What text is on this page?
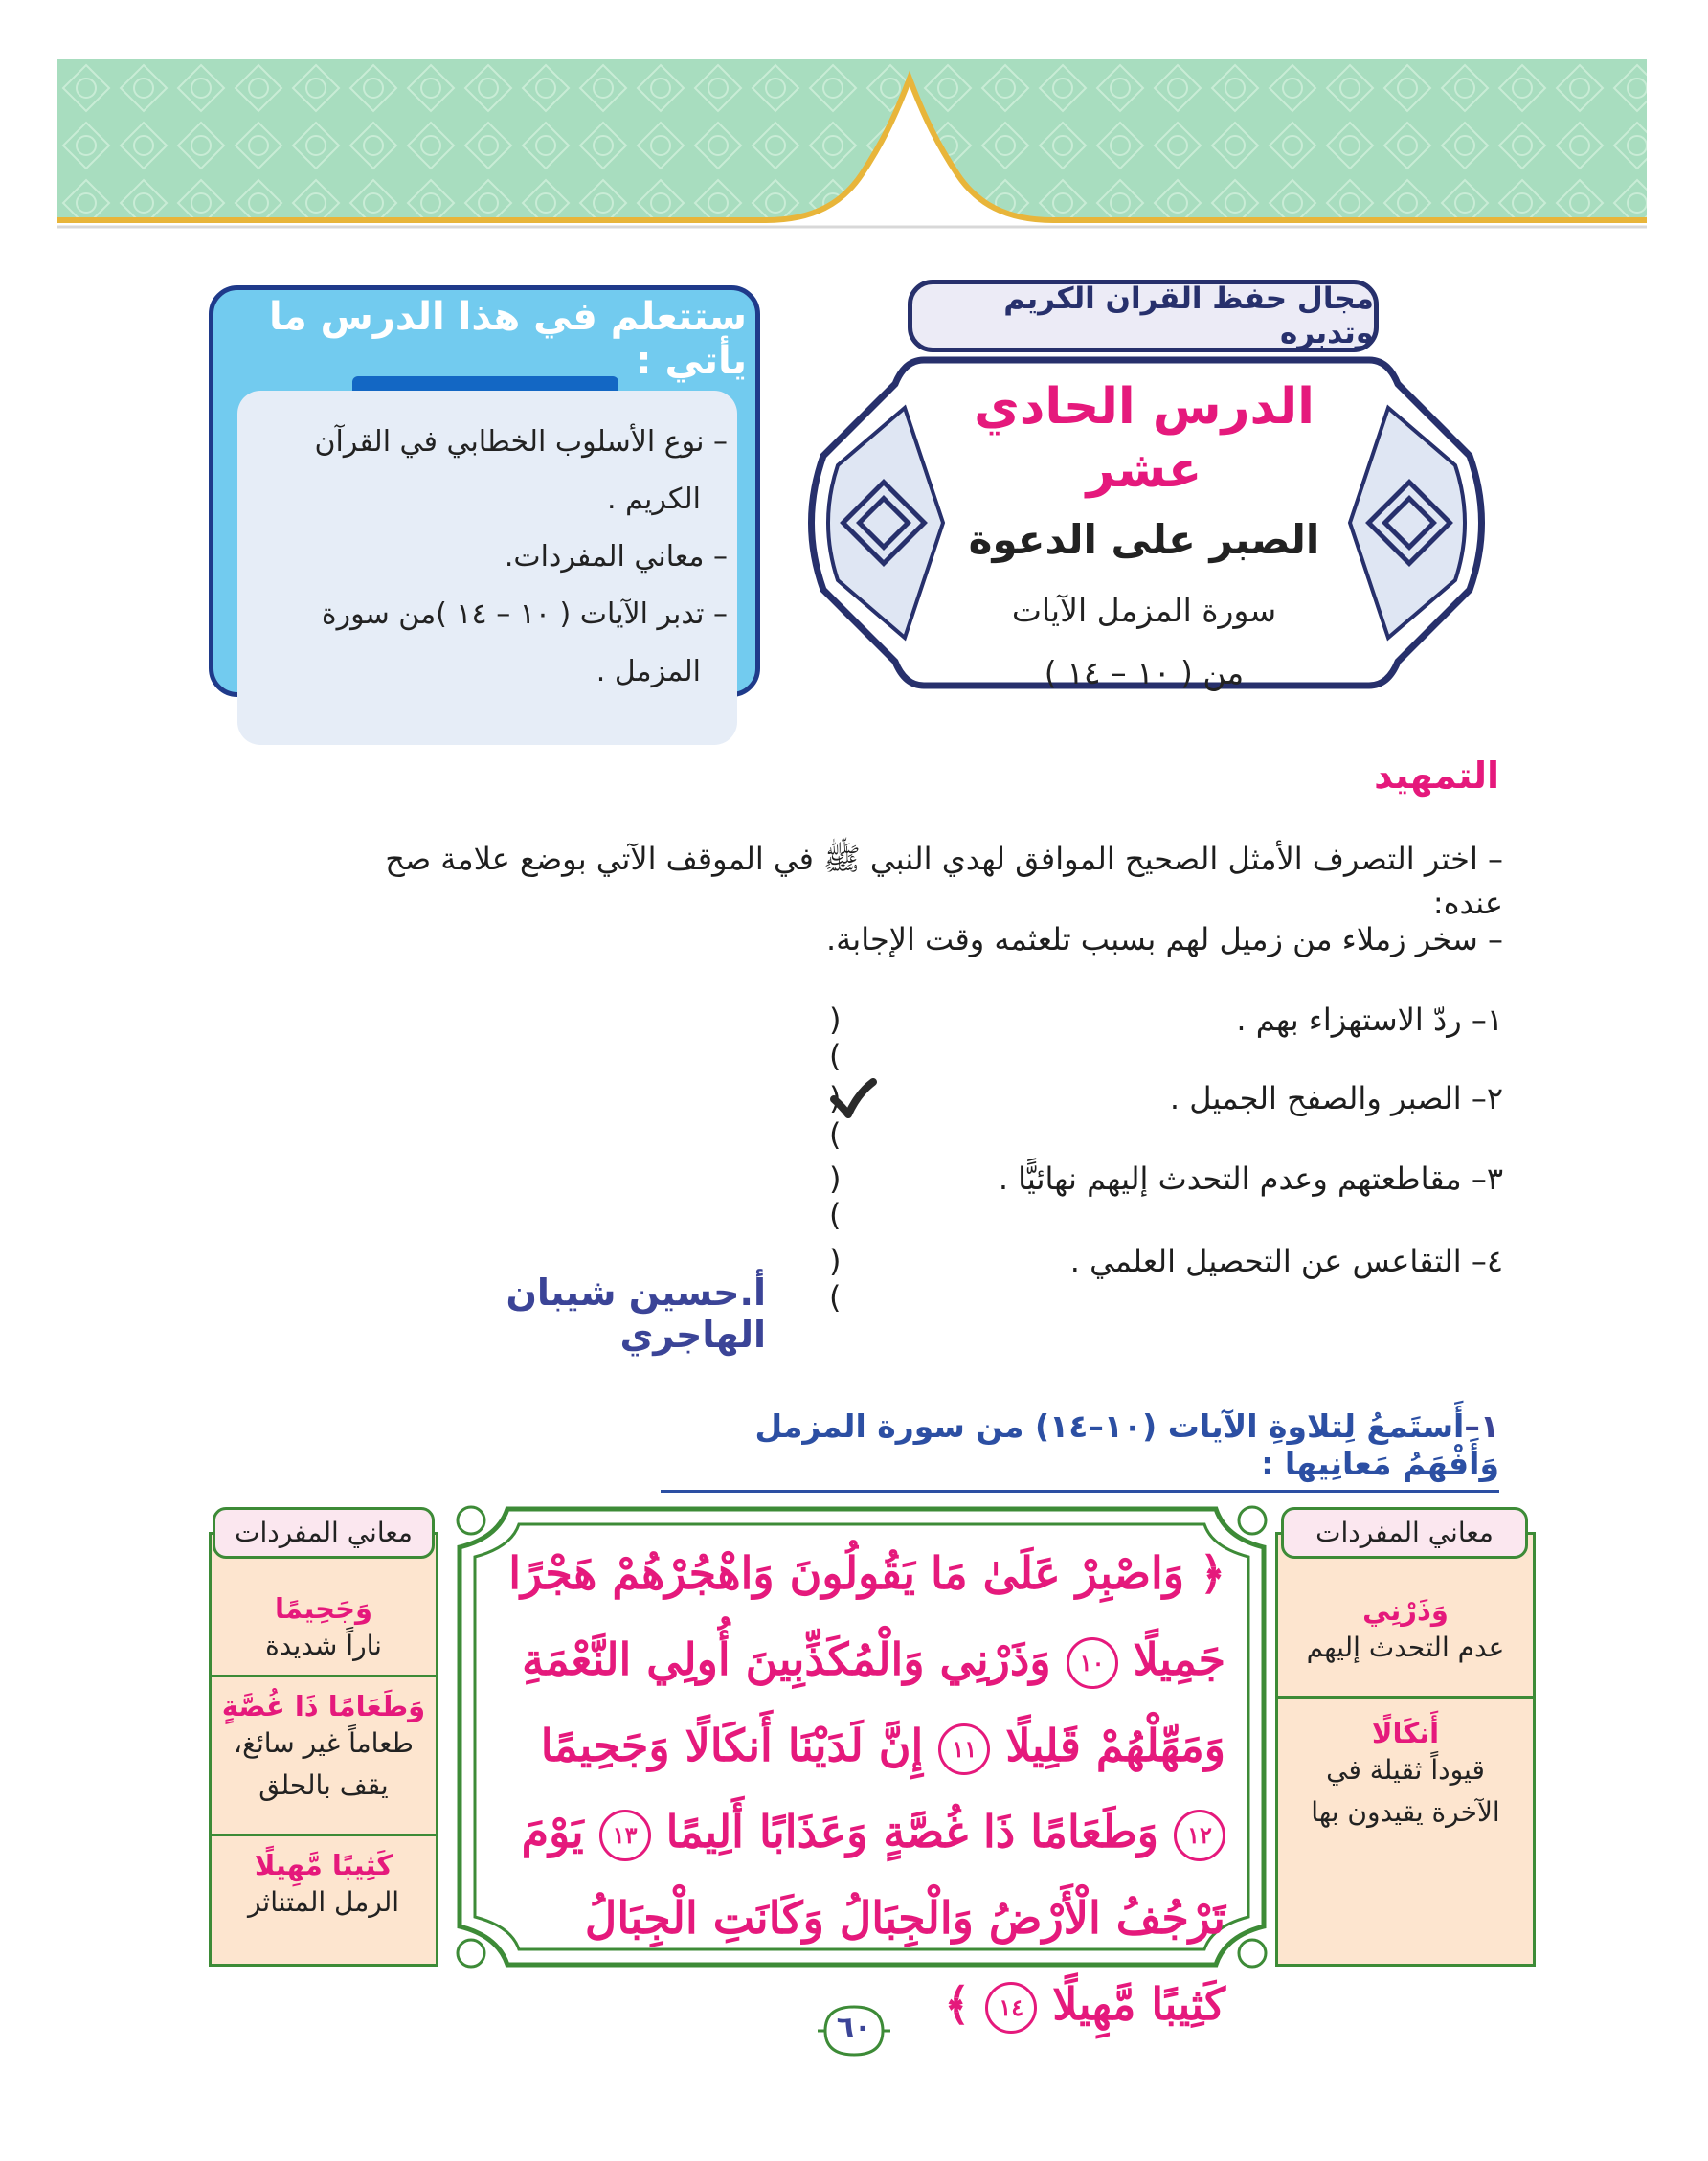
مجال حفظ القرآن الكريم وتدبره
الدرس الحادي عشر
الصبر على الدعوة
سورة المزمل الآيات
من ( ١٠ – ١٤ )
ستتعلم في هذا الدرس ما يأتي :
– نوع الأسلوب الخطابي في القرآن
الكريم .
– معاني المفردات.
– تدبر الآيات ( ١٠ – ١٤ )من سورة
المزمل .
التمهيد
– اختر التصرف الأمثل الصحيح الموافق لهدي النبي ﷺ في الموقف الآتي بوضع علامة صح عنده:
– سخر زملاء من زميل لهم بسبب تلعثمه وقت الإجابة.
١– ردّ الاستهزاء بهم .
)(
٢– الصبر والصفح الجميل .
)(
٣– مقاطعتهم وعدم التحدث إليهم نهائيًّا .
)(
٤– التقاعس عن التحصيل العلمي .
)(
أ.حسين شيبان الهاجري
١–أَستَمعُ لِتلاوةِ الآيات (١٠–١٤) من سورة المزمل وَأَفْهَمُ مَعانِيها :
وَذَرْنِي
عدم التحدث إليهم
أَنكَالًا
قيوداً ثقيلة في الآخرة يقيدون بها
معاني المفردات
وَجَحِيمًا
ناراً شديدة
وَطَعَامًا ذَا غُصَّةٍ
طعاماً غير سائغ، يقف بالحلق
كَثِيبًا مَّهِيلًا
الرمل المتناثر
معاني المفردات
﴿ وَاصْبِرْ عَلَىٰ مَا يَقُولُونَ وَاهْجُرْهُمْ هَجْرًا جَمِيلًا ١٠ وَذَرْنِي وَالْمُكَذِّبِينَ أُولِي النَّعْمَةِ وَمَهِّلْهُمْ قَلِيلًا ١١ إِنَّ لَدَيْنَا أَنكَالًا وَجَحِيمًا ١٢ وَطَعَامًا ذَا غُصَّةٍ وَعَذَابًا أَلِيمًا ١٣ يَوْمَ تَرْجُفُ الْأَرْضُ وَالْجِبَالُ وَكَانَتِ الْجِبَالُ كَثِيبًا مَّهِيلًا ١٤ ﴾
٦٠
